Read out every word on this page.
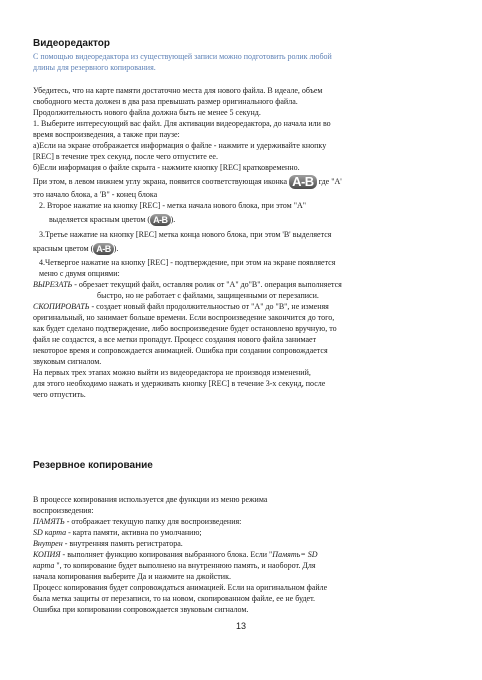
Видеоредактор
С помощью видеоредактора из существующей записи можно подготовить ролик любой
длины для резервного копирования.
Убедитесь, что на карте памяти достаточно места для нового файла. В идеале, объем
свободного места должен в два раза превышать размер оригинального файла.
Продолжительность нового файла должна быть не менее 5 секунд.
1. Выберите интересующий вас файл. Для активации видеоредактора, до начала или во
время воспроизведения, а также при паузе:
а)Если на экране отображается информация о файле - нажмите и удерживайте кнопку
[REC] в течение трех секунд, после чего отпустите ее.
б)Если информация о файле скрыта - нажмите кнопку [REC] кратковременно.
При этом, в левом нижнем углу экрана, появится соответствующая иконка A-B где "A'
это начало блока, а 'B" - конец блока
2. Второе нажатие на кнопку [REC] - метка начала нового блока, при этом "А"
выделяется красным цветом ( A-B ).
3.Третье нажатие на кнопку [REC] метка конца нового блока, при этом 'B' выделяется
красным цветом ( A-B ).
4.Четвергое нажатие на кнопку [REC] - подтверждение, при этом на экране появляется
меню с двумя опциями:
ВЫРЕЗАТЬ - обрезает текущий файл, оставляя ролик от "A" до"B". операция выполняется
быстро, но не работает с файлами, защищенными от перезаписи.
СКОПИРОВАТЬ - создает новый файл продолжительностью от "A" до "B", не изменяя
оригинальный, но занимает больше времени. Если воспроизведение закончится до того,
как будет сделано подтверждение, либо воспроизведение будет остановлено вручную, то
файл не создастся, а все метки пропадут. Процесс создания нового файла занимает
некоторое время и сопровождается анимацией. Ошибка при создании сопровождается
звуковым сигналом.
На первых трех этапах можно выйти из видеоредактора не производя изменений,
для этого необходимо нажать и удерживать кнопку [REC] в течение 3-х секунд, после
чего отпустить.
Резервное копирование
В процессе копирования используется две функции из меню режима
воспроизведения:
ПАМЯТЬ - отображает текущую папку для воспроизведения:
SD карта - карта памяти, активна по умолчанию;
Внутрен - внутренняя память регистратора.
КОПИЯ - выполняет функцию копирования выбранного блока. Если "Память= SD
карта ", то копирование будет выполнено на внутреннюю память, и наоборот. Для
начала копирования выберите Да и нажмите на джойстик.
Процесс копирования будет сопровождаться анимацией. Если на оригинальном файле
была метка защиты от перезаписи, то на новом, скопированном файле, ее не будет.
Ошибка при копировании сопровождается звуковым сигналом.
13
